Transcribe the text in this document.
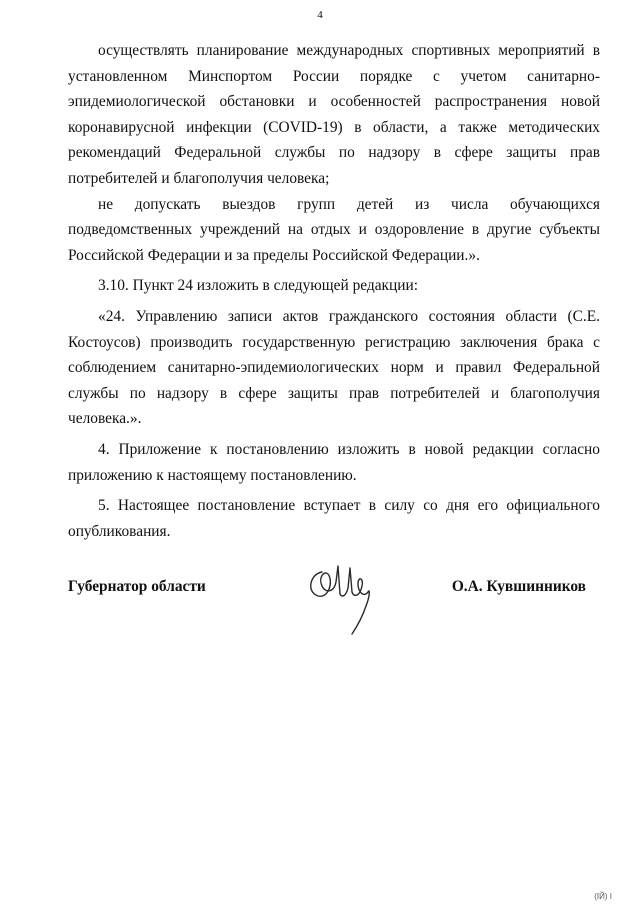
4

осуществлять планирование международных спортивных мероприятий в установленном Минспортом России порядке с учетом санитарно-эпидемиологической обстановки и особенностей распространения новой коронавирусной инфекции (COVID-19) в области, а также методических рекомендаций Федеральной службы по надзору в сфере защиты прав потребителей и благополучия человека;

не допускать выездов групп детей из числа обучающихся подведомственных учреждений на отдых и оздоровление в другие субъекты Российской Федерации и за пределы Российской Федерации.».

3.10. Пункт 24 изложить в следующей редакции:

«24. Управлению записи актов гражданского состояния области (С.Е. Костоусов) производить государственную регистрацию заключения брака с соблюдением санитарно-эпидемиологических норм и правил Федеральной службы по надзору в сфере защиты прав потребителей и благополучия человека.».

4. Приложение к постановлению изложить в новой редакции согласно приложению к настоящему постановлению.

5. Настоящее постановление вступает в силу со дня его официального опубликования.

Губернатор области	О.А. Кувшинников
(ІЙ) І
